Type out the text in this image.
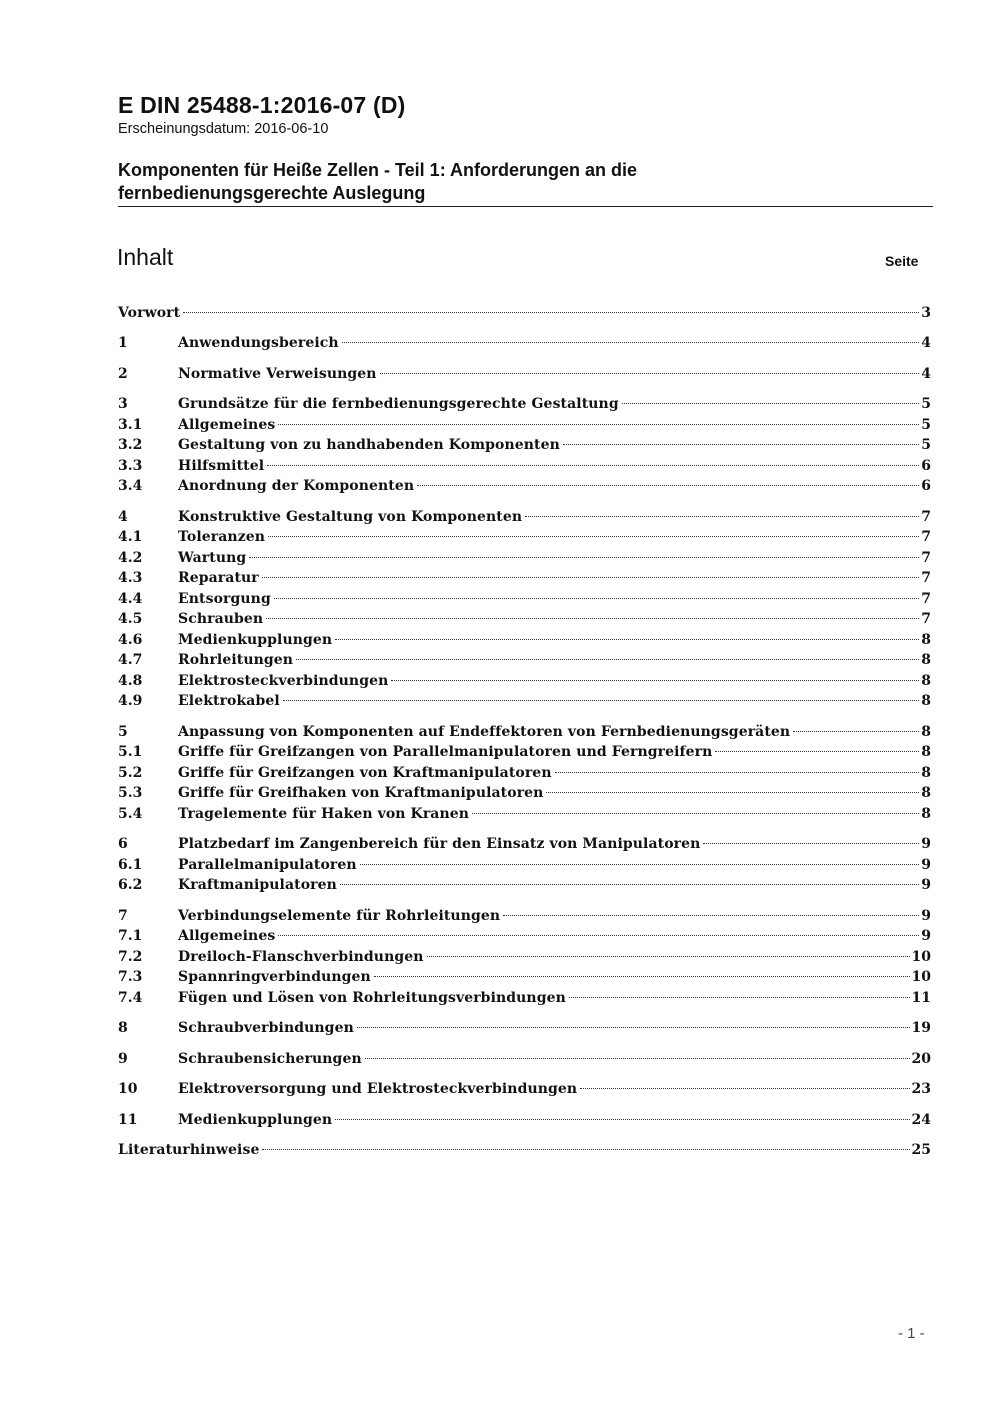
E DIN 25488-1:2016-07 (D)
Erscheinungsdatum: 2016-06-10
Komponenten für Heiße Zellen - Teil 1: Anforderungen an die
fernbedienungsgerechte Auslegung
Inhalt	Seite
Vorwort	3
1	Anwendungsbereich	4
2	Normative Verweisungen	4
3	Grundsätze für die fernbedienungsgerechte Gestaltung	5
3.1	Allgemeines	5
3.2	Gestaltung von zu handhabenden Komponenten	5
3.3	Hilfsmittel	6
3.4	Anordnung der Komponenten	6
4	Konstruktive Gestaltung von Komponenten	7
4.1	Toleranzen	7
4.2	Wartung	7
4.3	Reparatur	7
4.4	Entsorgung	7
4.5	Schrauben	7
4.6	Medienkupplungen	8
4.7	Rohrleitungen	8
4.8	Elektrosteckverbindungen	8
4.9	Elektrokabel	8
5	Anpassung von Komponenten auf Endeffektoren von Fernbedienungsgeräten	8
5.1	Griffe für Greifzangen von Parallelmanipulatoren und Ferngreifern	8
5.2	Griffe für Greifzangen von Kraftmanipulatoren	8
5.3	Griffe für Greifhaken von Kraftmanipulatoren	8
5.4	Tragelemente für Haken von Kranen	8
6	Platzbedarf im Zangenbereich für den Einsatz von Manipulatoren	9
6.1	Parallelmanipulatoren	9
6.2	Kraftmanipulatoren	9
7	Verbindungselemente für Rohrleitungen	9
7.1	Allgemeines	9
7.2	Dreiloch-Flanschverbindungen	10
7.3	Spannringverbindungen	10
7.4	Fügen und Lösen von Rohrleitungsverbindungen	11
8	Schraubverbindungen	19
9	Schraubensicherungen	20
10	Elektroversorgung und Elektrosteckverbindungen	23
11	Medienkupplungen	24
Literaturhinweise	25
- 1 -
